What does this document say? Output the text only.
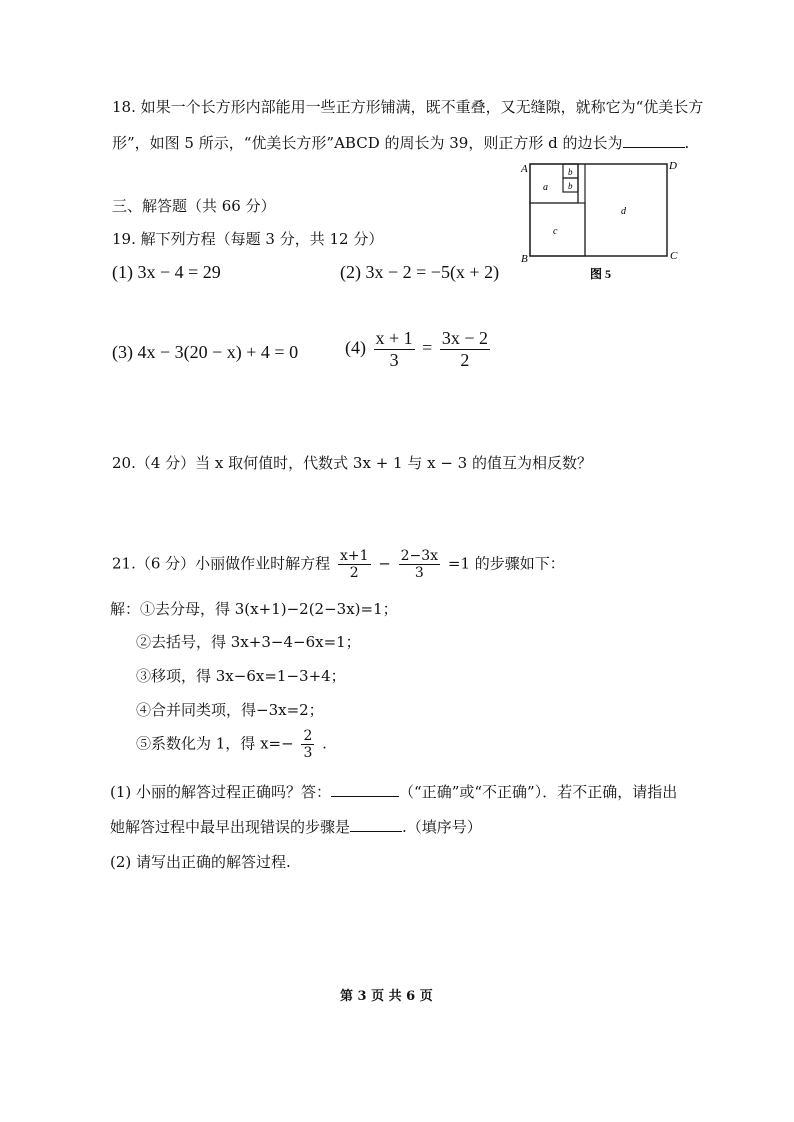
18. 如果一个长方形内部能用一些正方形铺满，既不重叠，又无缝隙，就称它为“优美长方
形”，如图 5 所示，“优美长方形”ABCD 的周长为 39，则正方形 d 的边长为	.
A	D
B	C
a
b
b
c
d
图 5
三、解答题（共 66 分）
19. 解下列方程（每题 3 分，共 12 分）
(1) 3x − 4 = 29	(2) 3x − 2 = −5(x + 2)
(3) 4x − 3(20 − x) + 4 = 0	$(4) \frac{x + 1}{3} = \frac{3x - 2}{2}$
20.（4 分）当 x 取何值时，代数式 3x + 1 与 x − 3 的值互为相反数？
21.（6 分）小丽做作业时解方程 $\frac{x+1}{2} - \frac{2-3x}{3} =1$ 的步骤如下：
解：①去分母，得 3(x+1)−2(2−3x)=1；
②去括号，得 3x+3−4−6x=1；
③移项，得 3x−6x=1−3+4；
④合并同类项，得−3x=2；
⑤系数化为 1，得 $x=- \frac{2}{3}$ .
(1) 小丽的解答过程正确吗？答：	（“正确”或“不正确”）．若不正确，请指出
她解答过程中最早出现错误的步骤是	.（填序号）
(2) 请写出正确的解答过程.
第 3 页 共 6 页
